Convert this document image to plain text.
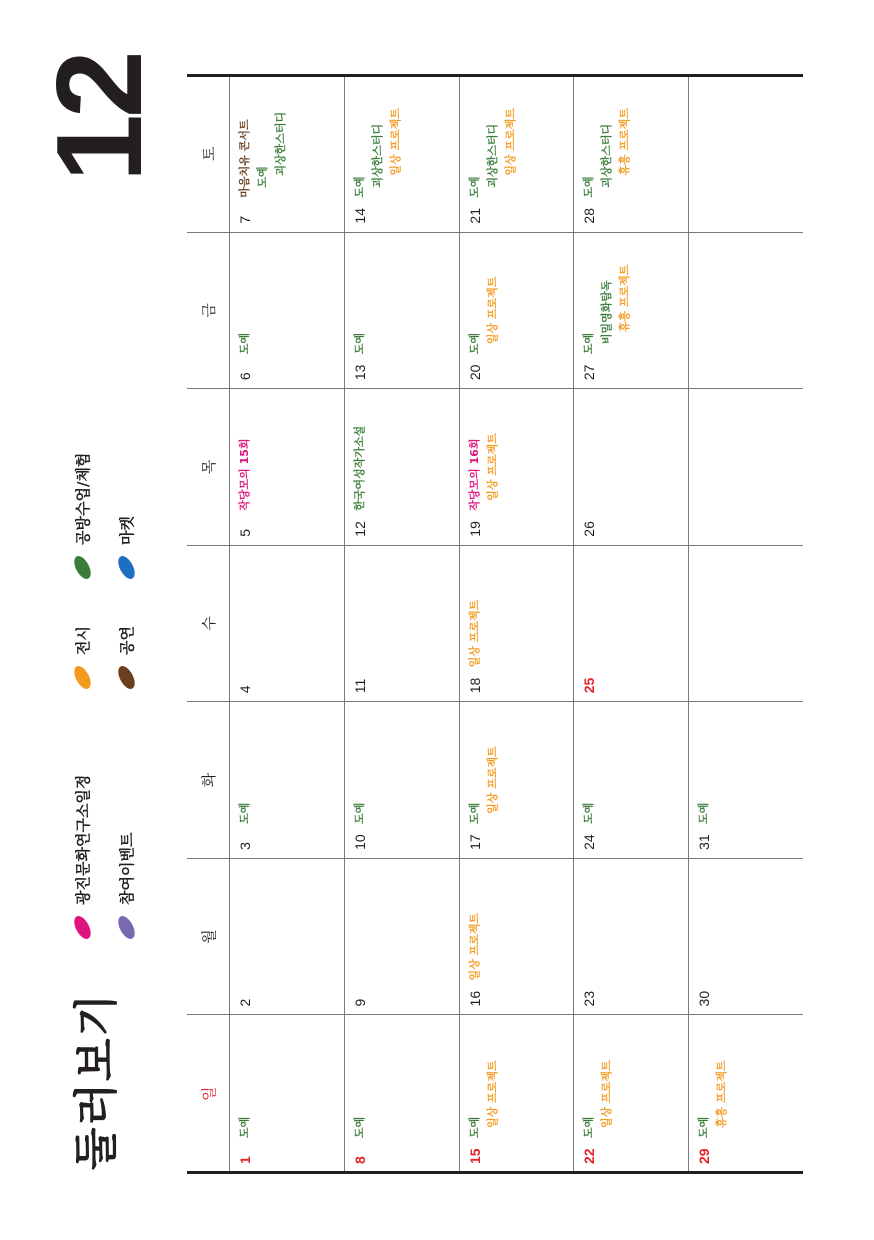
둘러보기
12
광진문화연구소일정
전시
공방수업/체험
참여이벤트
공연
마켓
일
월
화
수
목
금
토
1
도예
2
3
도예
4
5
작당모의 15회
6
도예
7
마음치유 콘서트 도예
괴상한스터디
8
도예
9
10
도예
11
12
한국여성작가소설
13
도예
14
도예 괴상한스터디 일상 프로젝트
15
도예 일상 프로젝트
16
일상 프로젝트
17
도예 일상 프로젝트
18
일상 프로젝트
19
작당모의 16회 일상 프로젝트
20
도예 일상 프로젝트
21
도예 괴상한스터디 일상 프로젝트
22
도예 일상 프로젝트
23
24
도예
25
26
27
도예 비밀영화탐독 휴흥 프로젝트
28
도예 괴상한스터디 휴흥 프로젝트
29
도예 휴흥 프로젝트
30
31
도예
